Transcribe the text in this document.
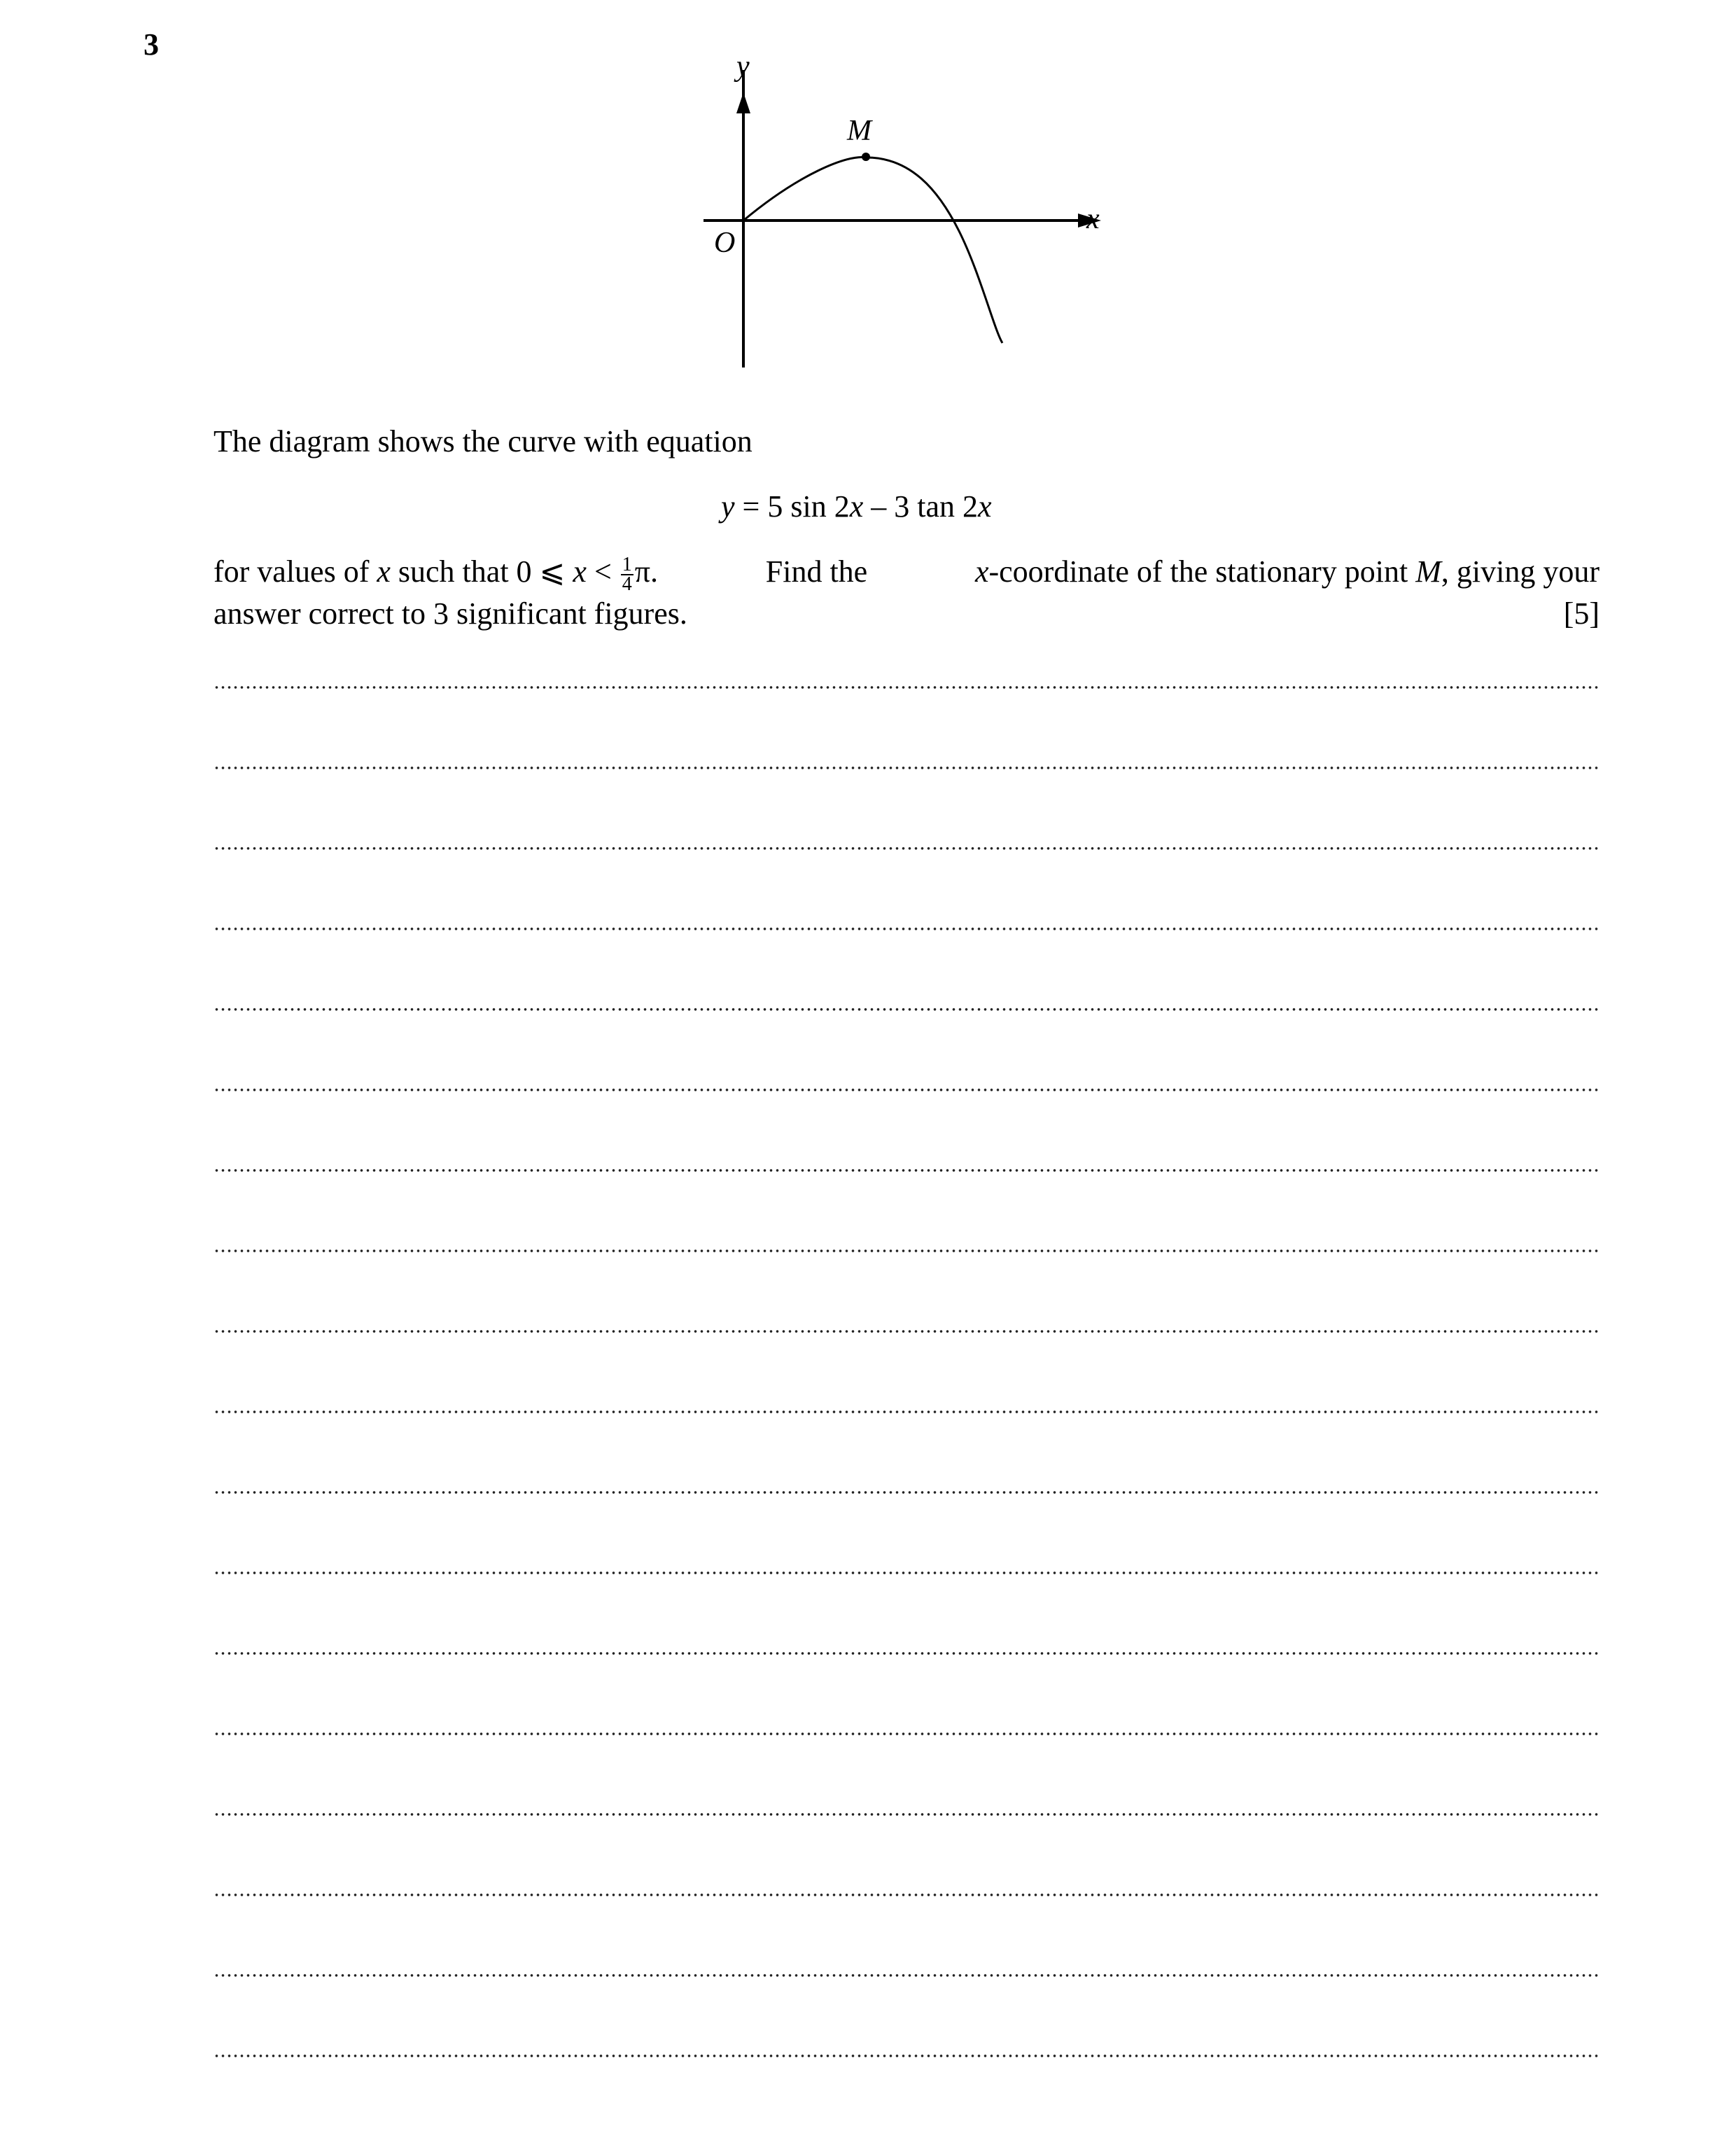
3
y
x
O
M
The diagram shows the curve with equation
y = 5 sin 2x – 3 tan 2x
for values of x such that 0 ⩽ $x < \frac{1}{4} \pi$.	Find the	x-coordinate of the stationary point M, giving your
answer correct to 3 significant figures.	[5]
